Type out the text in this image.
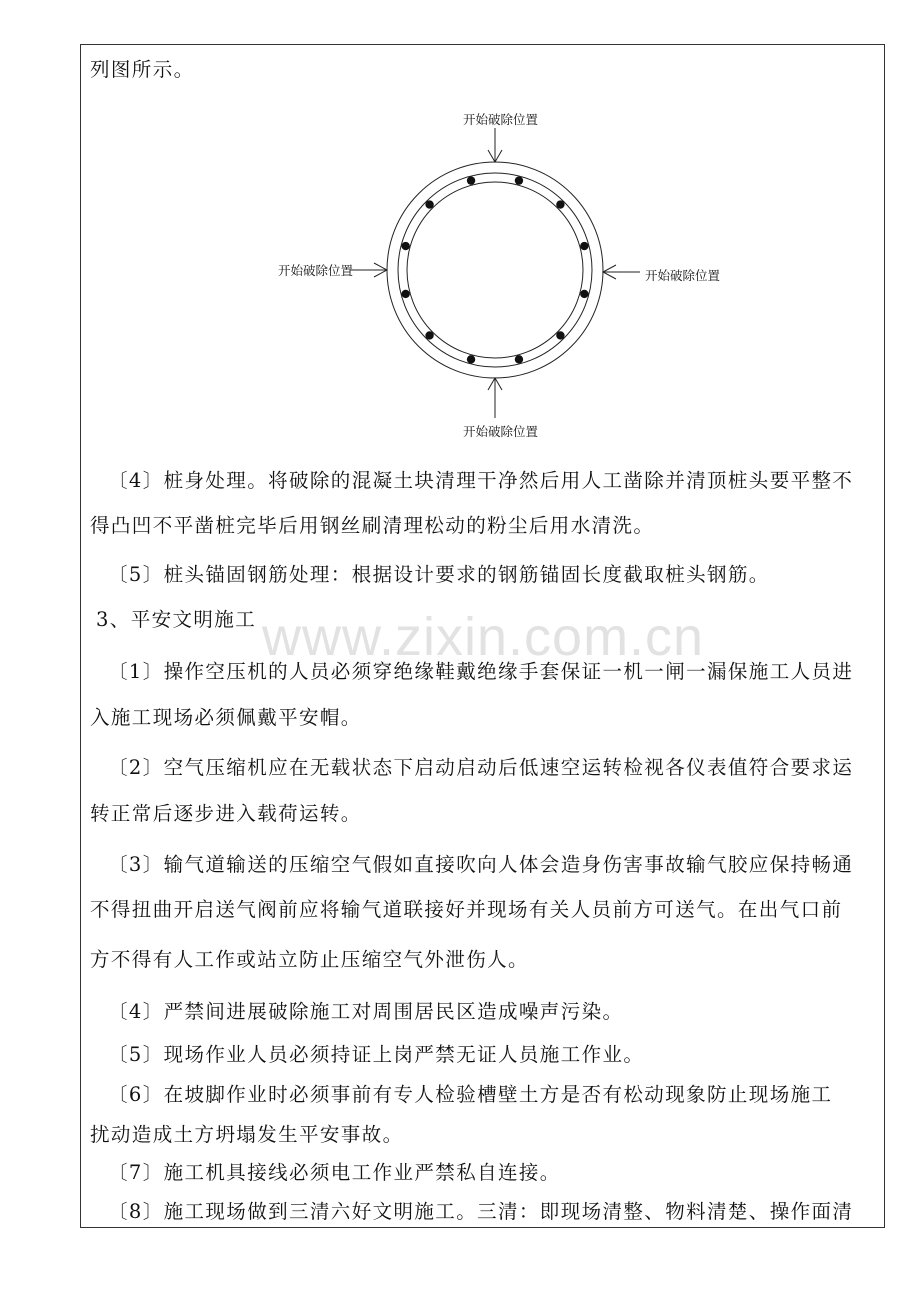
www.zixin.com.cn
列图所示。
开始破除位置
开始破除位置	开始破除位置
开始破除位置
〔4〕桩身处理。将破除的混凝土块清理干净然后用人工凿除并清顶桩头要平整不
得凸凹不平凿桩完毕后用钢丝刷清理松动的粉尘后用水清洗。
〔5〕桩头锚固钢筋处理：根据设计要求的钢筋锚固长度截取桩头钢筋。
3、平安文明施工
〔1〕操作空压机的人员必须穿绝缘鞋戴绝缘手套保证一机一闸一漏保施工人员进
入施工现场必须佩戴平安帽。
〔2〕空气压缩机应在无载状态下启动启动后低速空运转检视各仪表值符合要求运
转正常后逐步进入载荷运转。
〔3〕输气道输送的压缩空气假如直接吹向人体会造身伤害事故输气胶应保持畅通
不得扭曲开启送气阀前应将输气道联接好并现场有关人员前方可送气。在出气口前
方不得有人工作或站立防止压缩空气外泄伤人。
〔4〕严禁间进展破除施工对周围居民区造成噪声污染。
〔5〕现场作业人员必须持证上岗严禁无证人员施工作业。
〔6〕在坡脚作业时必须事前有专人检验槽壁土方是否有松动现象防止现场施工
扰动造成土方坍塌发生平安事故。
〔7〕施工机具接线必须电工作业严禁私自连接。
〔8〕施工现场做到三清六好文明施工。三清：即现场清整、物料清楚、操作面清
